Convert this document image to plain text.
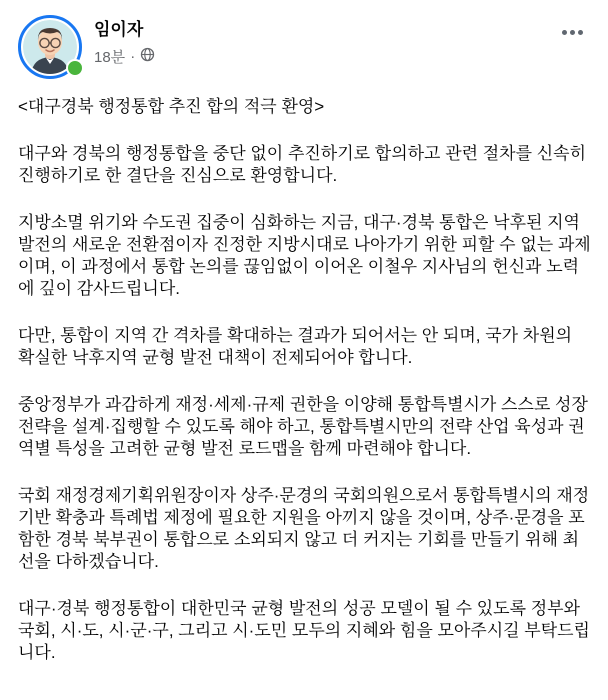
임이자
18분 ·

<대구경북 행정통합 추진 합의 적극 환영>

대구와 경북의 행정통합을 중단 없이 추진하기로 합의하고 관련 절차를 신속히 진행하기로 한 결단을 진심으로 환영합니다.

지방소멸 위기와 수도권 집중이 심화하는 지금, 대구·경북 통합은 낙후된 지역 발전의 새로운 전환점이자 진정한 지방시대로 나아가기 위한 피할 수 없는 과제이며, 이 과정에서 통합 논의를 끊임없이 이어온 이철우 지사님의 헌신과 노력에 깊이 감사드립니다.

다만, 통합이 지역 간 격차를 확대하는 결과가 되어서는 안 되며, 국가 차원의 확실한 낙후지역 균형 발전 대책이 전제되어야 합니다.

중앙정부가 과감하게 재정·세제·규제 권한을 이양해 통합특별시가 스스로 성장 전략을 설계·집행할 수 있도록 해야 하고, 통합특별시만의 전략 산업 육성과 권역별 특성을 고려한 균형 발전 로드맵을 함께 마련해야 합니다.

국회 재정경제기획위원장이자 상주·문경의 국회의원으로서 통합특별시의 재정 기반 확충과 특례법 제정에 필요한 지원을 아끼지 않을 것이며, 상주·문경을 포함한 경북 북부권이 통합으로 소외되지 않고 더 커지는 기회를 만들기 위해 최선을 다하겠습니다.

대구·경북 행정통합이 대한민국 균형 발전의 성공 모델이 될 수 있도록 정부와 국회, 시·도, 시·군·구, 그리고 시·도민 모두의 지혜와 힘을 모아주시길 부탁드립니다.
